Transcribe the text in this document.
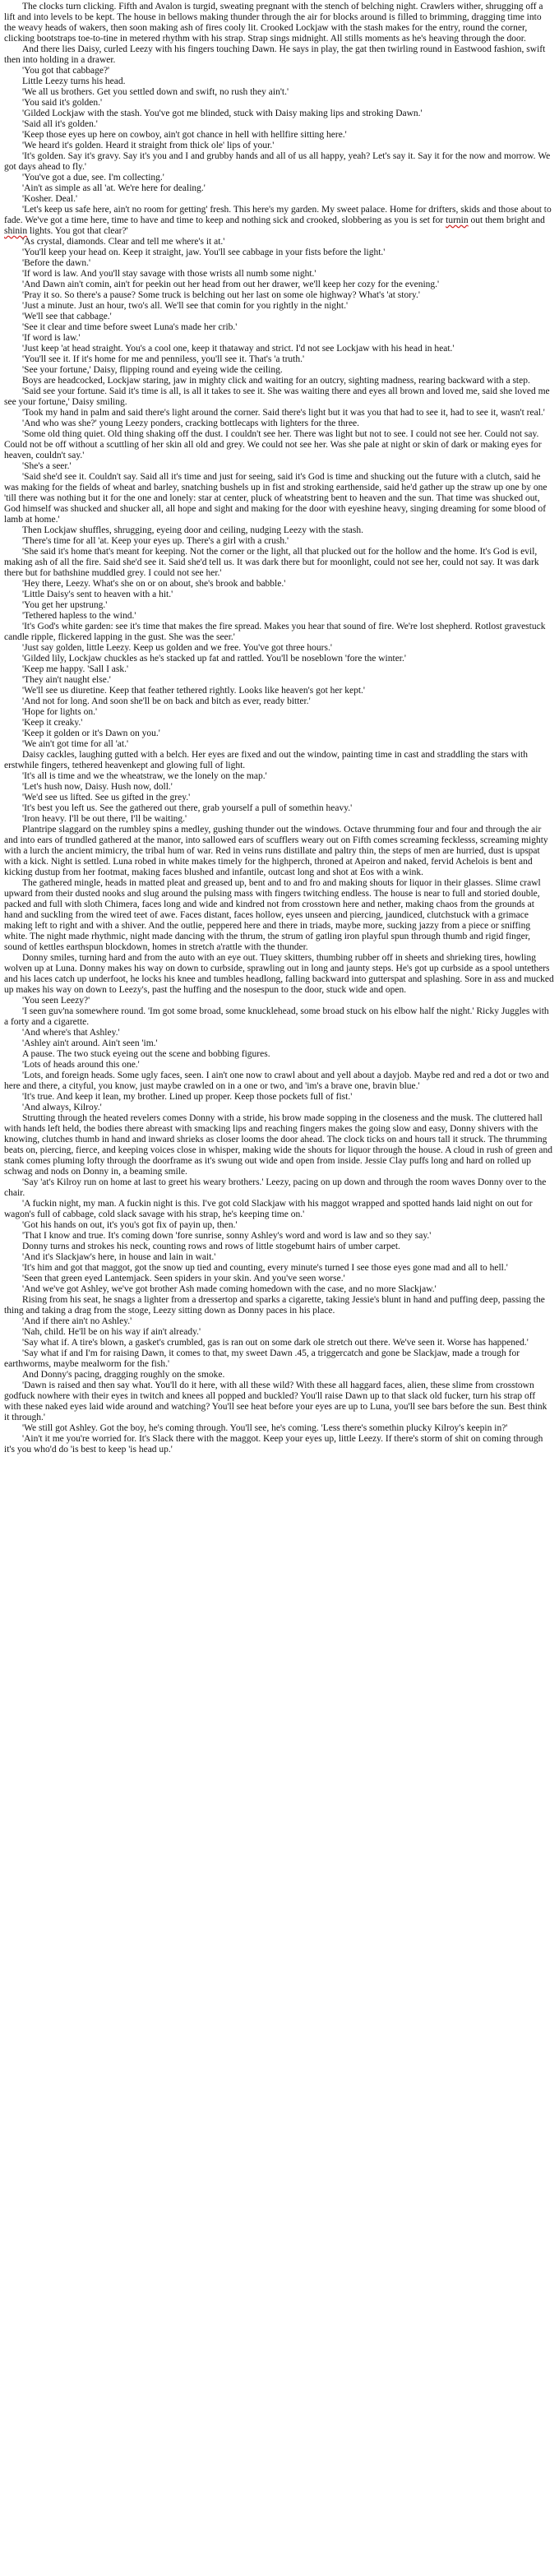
The clocks turn clicking. Fifth and Avalon is turgid, sweating pregnant with the stench of belching night. Crawlers wither, shrugging off a lift and into levels to be kept. The house in bellows making thunder through the air for blocks around is filled to brimming, dragging time into the weavy heads of wakers, then soon making ash of fires cooly lit. Crooked Lockjaw with the stash makes for the entry, round the corner, clicking bootstraps toe-to-tine in metered rhythm with his strap. Strap sings midnight. All stills moments as he's heaving through the door.

And there lies Daisy, curled Leezy with his fingers touching Dawn. He says in play, the gat then twirling round in Eastwood fashion, swift then into holding in a drawer.

'You got that cabbage?'

Little Leezy turns his head.

'We all us brothers. Get you settled down and swift, no rush they ain't.'

'You said it's golden.'

'Gilded Lockjaw with the stash. You've got me blinded, stuck with Daisy making lips and stroking Dawn.'

'Said all it's golden.'

'Keep those eyes up here on cowboy, ain't got chance in hell with hellfire sitting here.'

'We heard it's golden. Heard it straight from thick ole' lips of your.'

'It's golden. Say it's gravy. Say it's you and I and grubby hands and all of us all happy, yeah? Let's say it. Say it for the now and morrow. We got days ahead to fly.'

'You've got a due, see. I'm collecting.'

'Ain't as simple as all 'at. We're here for dealing.'

'Kosher. Deal.'

'Let's keep us safe here, ain't no room for getting' fresh. This here's my garden. My sweet palace. Home for drifters, skids and those about to fade. We've got a time here, time to have and time to keep and nothing sick and crooked, slobbering as you is set for turnin out them bright and shinin lights. You got that clear?'

'As crystal, diamonds. Clear and tell me where's it at.'

'You'll keep your head on. Keep it straight, jaw. You'll see cabbage in your fists before the light.'

'Before the dawn.'

'If word is law. And you'll stay savage with those wrists all numb some night.'

'And Dawn ain't comin, ain't for peekin out her head from out her drawer, we'll keep her cozy for the evening.'

'Pray it so. So there's a pause? Some truck is belching out her last on some ole highway? What's 'at story.'

'Just a minute. Just an hour, two's all. We'll see that comin for you rightly in the night.'

'We'll see that cabbage.'

'See it clear and time before sweet Luna's made her crib.'

'If word is law.'

'Just keep 'at head straight. You's a cool one, keep it thataway and strict. I'd not see Lockjaw with his head in heat.'

'You'll see it. If it's home for me and penniless, you'll see it. That's 'a truth.'

'See your fortune,' Daisy, flipping round and eyeing wide the ceiling.

Boys are headcocked, Lockjaw staring, jaw in mighty click and waiting for an outcry, sighting madness, rearing backward with a step.

'Said see your fortune. Said it's time is all, is all it takes to see it. She was waiting there and eyes all brown and loved me, said she loved me see your fortune,' Daisy smiling.

'Took my hand in palm and said there's light around the corner. Said there's light but it was you that had to see it, had to see it, wasn't real.'

'And who was she?' young Leezy ponders, cracking bottlecaps with lighters for the three.

'Some old thing quiet. Old thing shaking off the dust. I couldn't see her. There was light but not to see. I could not see her. Could not say. Could not be off without a scuttling of her skin all old and grey. We could not see her. Was she pale at night or skin of dark or making eyes for heaven, couldn't say.'

'She's a seer.'

'Said she'd see it. Couldn't say. Said all it's time and just for seeing, said it's God is time and shucking out the future with a clutch, said he was making for the fields of wheat and barley, snatching bushels up in fist and stroking earthenside, said he'd gather up the straw up one by one 'till there was nothing but it for the one and lonely: star at center, pluck of wheatstring bent to heaven and the sun. That time was shucked out, God himself was shucked and shucker all, all hope and sight and making for the door with eyeshine heavy, singing dreaming for some blood of lamb at home.'

Then Lockjaw shuffles, shrugging, eyeing door and ceiling, nudging Leezy with the stash.

'There's time for all 'at. Keep your eyes up. There's a girl with a crush.'

'She said it's home that's meant for keeping. Not the corner or the light, all that plucked out for the hollow and the home. It's God is evil, making ash of all the fire. Said she'd see it. Said she'd tell us. It was dark there but for moonlight, could not see her, could not say. It was dark there but for bathshine muddled grey. I could not see her.'

'Hey there, Leezy. What's she on or on about, she's brook and babble.'

'Little Daisy's sent to heaven with a hit.'

'You get her upstrung.'

'Tethered hapless to the wind.'

'It's God's white garden: see it's time that makes the fire spread. Makes you hear that sound of fire. We're lost shepherd. Rotlost gravestuck candle ripple, flickered lapping in the gust. She was the seer.'

'Just say golden, little Leezy. Keep us golden and we free. You've got three hours.'

'Gilded lily, Lockjaw chuckles as he's stacked up fat and rattled. You'll be noseblown 'fore the winter.'

'Keep me happy. 'Sall I ask.'

'They ain't naught else.'

'We'll see us diuretine. Keep that feather tethered rightly. Looks like heaven's got her kept.'

'And not for long. And soon she'll be on back and bitch as ever, ready bitter.'

'Hope for lights on.'

'Keep it creaky.'

'Keep it golden or it's Dawn on you.'

'We ain't got time for all 'at.'

Daisy cackles, laughing gutted with a belch. Her eyes are fixed and out the window, painting time in cast and straddling the stars with erstwhile fingers, tethered heavenkept and glowing full of light.

'It's all is time and we the wheatstraw, we the lonely on the map.'

'Let's hush now, Daisy. Hush now, doll.'

'We'd see us lifted. See us gifted in the grey.'

'It's best you left us. See the gathered out there, grab yourself a pull of somethin heavy.'

'Iron heavy. I'll be out there, I'll be waiting.'

Plantripe slaggard on the rumbley spins a medley, gushing thunder out the windows. Octave thrumming four and four and through the air and into ears of trundled gathered at the manor, into sallowed ears of scufflers weary out on Fifth comes screaming fecklesss, screaming mighty with a lurch the ancient mimicry, the tribal hum of war. Red in veins runs distillate and paltry thin, the steps of men are hurried, dust is upspat with a kick. Night is settled. Luna robed in white makes timely for the highperch, throned at Apeiron and naked, fervid Achelois is bent and kicking dustup from her footmat, making faces blushed and infantile, outcast long and shot at Eos with a wink.

The gathered mingle, heads in matted pleat and greased up, bent and to and fro and making shouts for liquor in their glasses. Slime crawl upward from their dusted nooks and slug around the pulsing mass with fingers twitching endless. The house is near to full and storied double, packed and full with sloth Chimera, faces long and wide and kindred not from crosstown here and nether, making chaos from the grounds at hand and suckling from the wired teet of awe. Faces distant, faces hollow, eyes unseen and piercing, jaundiced, clutchstuck with a grimace making left to right and with a shiver. And the outlie, peppered here and there in triads, maybe more, sucking jazzy from a piece or sniffing white. The night made rhythmic, night made dancing with the thrum, the strum of gatling iron playful spun through thumb and rigid finger, sound of kettles earthspun blockdown, homes in stretch a'rattle with the thunder.

Donny smiles, turning hard and from the auto with an eye out. Tluey skitters, thumbing rubber off in sheets and shrieking tires, howling wolven up at Luna. Donny makes his way on down to curbside, sprawling out in long and jaunty steps. He's got up curbside as a spool untethers and his laces catch up underfoot, he locks his knee and tumbles headlong, falling backward into gutterspat and splashing. Sore in ass and mucked up makes his way on down to Leezy's, past the huffing and the nosespun to the door, stuck wide and open.

'You seen Leezy?'

'I seen guv'na somewhere round. 'Im got some broad, some knucklehead, some broad stuck on his elbow half the night.' Ricky Juggles with a forty and a cigarette.

'And where's that Ashley.'

'Ashley ain't around. Ain't seen 'im.'

A pause. The two stuck eyeing out the scene and bobbing figures.

'Lots of heads around this one.'

'Lots, and foreign heads. Some ugly faces, seen. I ain't one now to crawl about and yell about a dayjob. Maybe red and red a dot or two and here and there, a cityful, you know, just maybe crawled on in a one or two, and 'im's a brave one, bravin blue.'

'It's true. And keep it lean, my brother. Lined up proper. Keep those pockets full of fist.'

'And always, Kilroy.'

Strutting through the heated revelers comes Donny with a stride, his brow made sopping in the closeness and the musk. The cluttered hall with hands left held, the bodies there abreast with smacking lips and reaching fingers makes the going slow and easy, Donny shivers with the knowing, clutches thumb in hand and inward shrieks as closer looms the door ahead. The clock ticks on and hours tall it struck. The thrumming beats on, piercing, fierce, and keeping voices close in whisper, making wide the shouts for liquor through the house. A cloud in rush of green and stank comes pluming lofty through the doorframe as it's swung out wide and open from inside. Jessie Clay puffs long and hard on rolled up schwag and nods on Donny in, a beaming smile.

'Say 'at's Kilroy run on home at last to greet his weary brothers.' Leezy, pacing on up down and through the room waves Donny over to the chair.

'A fuckin night, my man. A fuckin night is this. I've got cold Slackjaw with his maggot wrapped and spotted hands laid night on out for wagon's full of cabbage, cold slack savage with his strap, he's keeping time on.'

'Got his hands on out, it's you's got fix of payin up, then.'

'That I know and true. It's coming down 'fore sunrise, sonny Ashley's word and word is law and so they say.'

Donny turns and strokes his neck, counting rows and rows of little stogebumt hairs of umber carpet.

'And it's Slackjaw's here, in house and lain in wait.'

'It's him and got that maggot, got the snow up tied and counting, every minute's turned I see those eyes gone mad and all to hell.'

'Seen that green eyed Lantemjack. Seen spiders in your skin. And you've seen worse.'

'And we've got Ashley, we've got brother Ash made coming homedown with the case, and no more Slackjaw.'

Rising from his seat, he snags a lighter from a dressertop and sparks a cigarette, taking Jessie's blunt in hand and puffing deep, passing the thing and taking a drag from the stoge, Leezy sitting down as Donny paces in his place.

'And if there ain't no Ashley.'

'Nah, child. He'll be on his way if ain't already.'

'Say what if. A tire's blown, a gasket's crumbled, gas is ran out on some dark ole stretch out there. We've seen it. Worse has happened.'

'Say what if and I'm for raising Dawn, it comes to that, my sweet Dawn .45, a triggercatch and gone be Slackjaw, made a trough for earthworms, maybe mealworm for the fish.'

And Donny's pacing, dragging roughly on the smoke.

'Dawn is raised and then say what. You'll do it here, with all these wild? With these all haggard faces, alien, these slime from crosstown godfuck nowhere with their eyes in twitch and knees all popped and buckled? You'll raise Dawn up to that slack old fucker, turn his strap off with these naked eyes laid wide around and watching? You'll see heat before your eyes are up to Luna, you'll see bars before the sun. Best think it through.'

'We still got Ashley. Got the boy, he's coming through. You'll see, he's coming. 'Less there's somethin plucky Kilroy's keepin in?'

'Ain't it me you're worried for. It's Slack there with the maggot. Keep your eyes up, little Leezy. If there's storm of shit on coming through it's you who'd do 'is best to keep 'is head up.'
